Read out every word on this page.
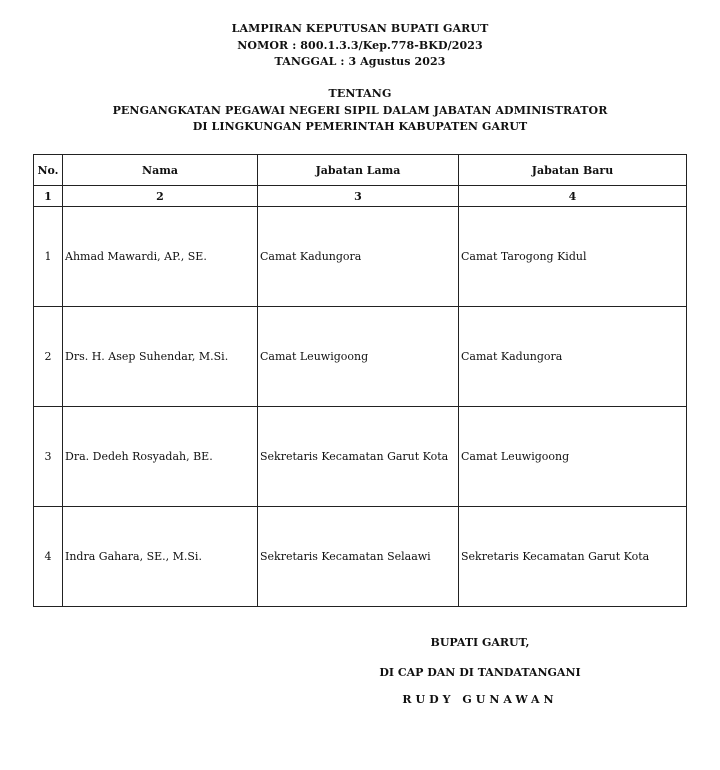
LAMPIRAN KEPUTUSAN BUPATI GARUT
NOMOR : 800.1.3.3/Kep.778-BKD/2023
TANGGAL : 3 Agustus 2023
TENTANG
PENGANGKATAN PEGAWAI NEGERI SIPIL DALAM JABATAN ADMINISTRATOR
DI LINGKUNGAN PEMERINTAH KABUPATEN GARUT
No.	Nama	Jabatan Lama	Jabatan Baru
1	2	3	4
1	Ahmad Mawardi, AP., SE.	Camat Kadungora	Camat Tarogong Kidul
2	Drs. H. Asep Suhendar, M.Si.	Camat Leuwigoong	Camat Kadungora
3	Dra. Dedeh Rosyadah, BE.	Sekretaris Kecamatan Garut Kota	Camat Leuwigoong
4	Indra Gahara, SE., M.Si.	Sekretaris Kecamatan Selaawi	Sekretaris Kecamatan Garut Kota
BUPATI GARUT,
DI CAP DAN DI TANDATANGANI
RUDY GUNAWAN
